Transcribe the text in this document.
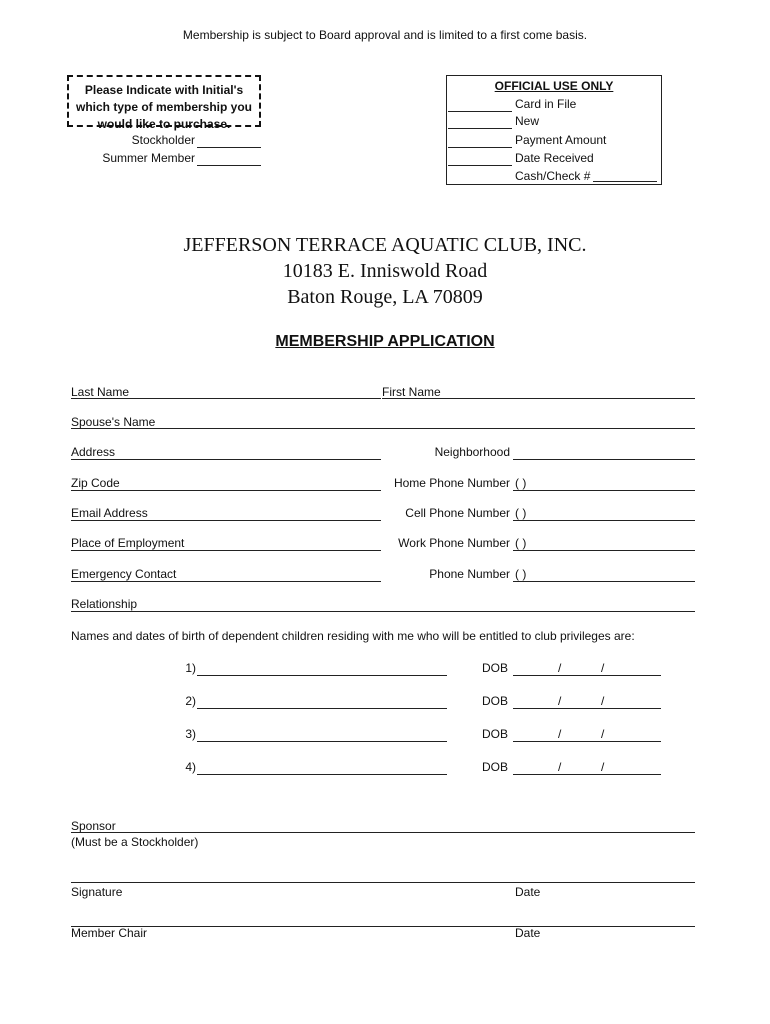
Membership is subject to Board approval and is limited to a first come basis.
Please Indicate with Initial's
which type of membership you
would like to purchase.
Stockholder
Summer Member
OFFICIAL USE ONLY
Card in File
New
Payment Amount
Date Received
Cash/Check #
JEFFERSON TERRACE AQUATIC CLUB, INC.
10183 E. Inniswold Road
Baton Rouge, LA 70809
MEMBERSHIP APPLICATION
Last Name	First Name
Spouse's Name
Address	Neighborhood
Zip Code	Home Phone Number ( )
Email Address	Cell Phone Number ( )
Place of Employment	Work Phone Number ( )
Emergency Contact	Phone Number ( )
Relationship
Names and dates of birth of dependent children residing with me who will be entitled to club privileges are:
1)	DOB	/	/
2)	DOB	/	/
3)	DOB	/	/
4)	DOB	/	/
Sponsor
(Must be a Stockholder)
Signature	Date
Member Chair	Date
